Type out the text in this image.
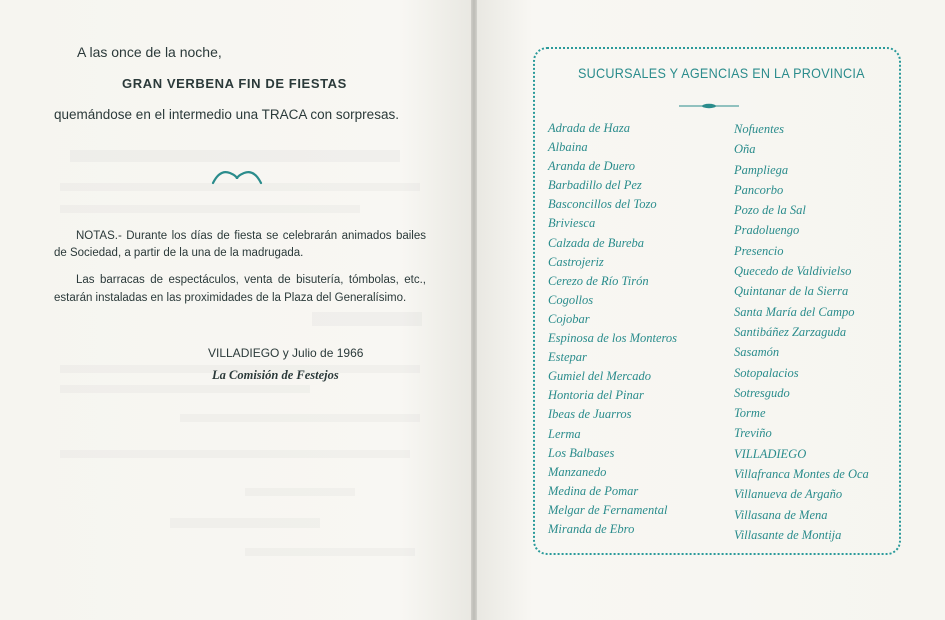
A las once de la noche,
GRAN VERBENA FIN DE FIESTAS
quemándose en el intermedio una TRACA con sorpresas.
NOTAS.- Durante los días de fiesta se celebrarán animados bailes de Sociedad, a partir de la una de la madrugada.
Las barracas de espectáculos, venta de bisutería, tómbolas, etc., estarán instaladas en las proximidades de la Plaza del Generalísimo.
VILLADIEGO y Julio de 1966
La Comisión de Festejos
SUCURSALES Y AGENCIAS EN LA PROVINCIA
Adrada de Haza
Albaina
Aranda de Duero
Barbadillo del Pez
Basconcillos del Tozo
Briviesca
Calzada de Bureba
Castrojeriz
Cerezo de Río Tirón
Cogollos
Cojobar
Espinosa de los Monteros
Estepar
Gumiel del Mercado
Hontoria del Pinar
Ibeas de Juarros
Lerma
Los Balbases
Manzanedo
Medina de Pomar
Melgar de Fernamental
Miranda de Ebro
Nofuentes
Oña
Pampliega
Pancorbo
Pozo de la Sal
Pradoluengo
Presencio
Quecedo de Valdivielso
Quintanar de la Sierra
Santa María del Campo
Santibáñez Zarzaguda
Sasamón
Sotopalacios
Sotresgudo
Torme
Treviño
VILLADIEGO
Villafranca Montes de Oca
Villanueva de Argaño
Villasana de Mena
Villasante de Montija
